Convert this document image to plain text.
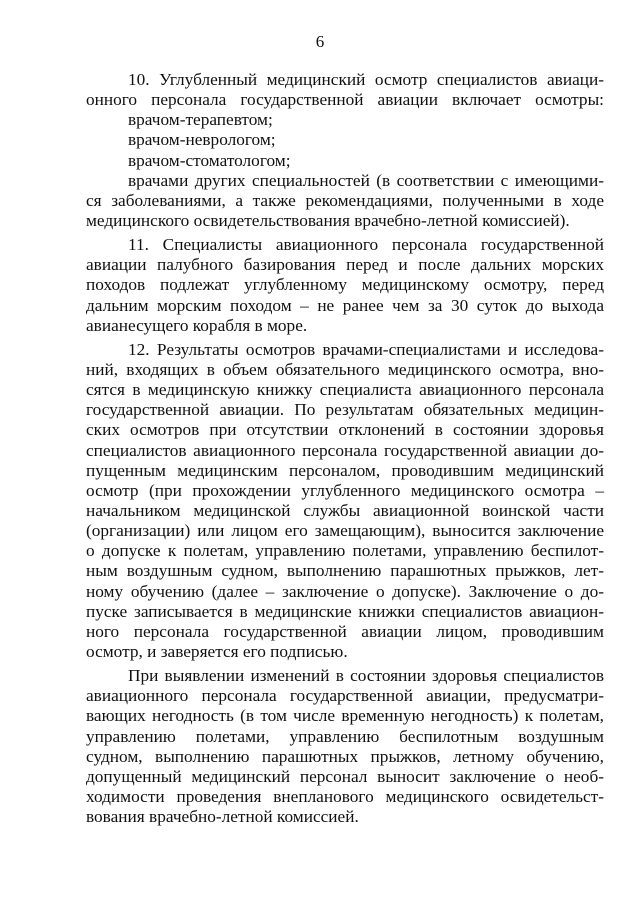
6
10. Углубленный медицинский осмотр специалистов авиаци-
онного персонала государственной авиации включает осмотры:
врачом-терапевтом;
врачом-неврологом;
врачом-стоматологом;
врачами других специальностей (в соответствии с имеющими-
ся заболеваниями, а также рекомендациями, полученными в ходе
медицинского освидетельствования врачебно-летной комиссией).
11. Специалисты авиационного персонала государственной
авиации палубного базирования перед и после дальних морских
походов подлежат углубленному медицинскому осмотру, перед
дальним морским походом – не ранее чем за 30 суток до выхода
авианесущего корабля в море.
12. Результаты осмотров врачами-специалистами и исследова-
ний, входящих в объем обязательного медицинского осмотра, вно-
сятся в медицинскую книжку специалиста авиационного персонала
государственной авиации. По результатам обязательных медицин-
ских осмотров при отсутствии отклонений в состоянии здоровья
специалистов авиационного персонала государственной авиации до-
пущенным медицинским персоналом, проводившим медицинский
осмотр (при прохождении углубленного медицинского осмотра –
начальником медицинской службы авиационной воинской части
(организации) или лицом его замещающим), выносится заключение
о допуске к полетам, управлению полетами, управлению беспилот-
ным воздушным судном, выполнению парашютных прыжков, лет-
ному обучению (далее – заключение о допуске). Заключение о до-
пуске записывается в медицинские книжки специалистов авиацион-
ного персонала государственной авиации лицом, проводившим
осмотр, и заверяется его подписью.
При выявлении изменений в состоянии здоровья специалистов
авиационного персонала государственной авиации, предусматри-
вающих негодность (в том числе временную негодность) к полетам,
управлению полетами, управлению беспилотным воздушным
судном, выполнению парашютных прыжков, летному обучению,
допущенный медицинский персонал выносит заключение о необ-
ходимости проведения внепланового медицинского освидетельст-
вования врачебно-летной комиссией.
